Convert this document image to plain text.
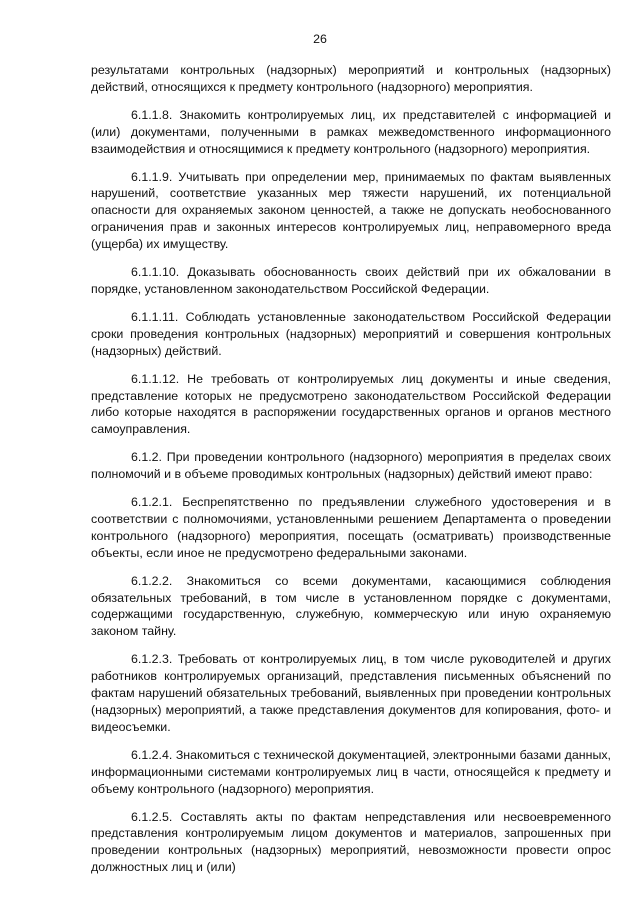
26

результатами контрольных (надзорных) мероприятий и контрольных (надзорных) действий, относящихся к предмету контрольного (надзорного) мероприятия.

6.1.1.8. Знакомить контролируемых лиц, их представителей с информацией и (или) документами, полученными в рамках межведомственного информационного взаимодействия и относящимися к предмету контрольного (надзорного) мероприятия.

6.1.1.9. Учитывать при определении мер, принимаемых по фактам выявленных нарушений, соответствие указанных мер тяжести нарушений, их потенциальной опасности для охраняемых законом ценностей, а также не допускать необоснованного ограничения прав и законных интересов контролируемых лиц, неправомерного вреда (ущерба) их имуществу.

6.1.1.10. Доказывать обоснованность своих действий при их обжаловании в порядке, установленном законодательством Российской Федерации.

6.1.1.11. Соблюдать установленные законодательством Российской Федерации сроки проведения контрольных (надзорных) мероприятий и совершения контрольных (надзорных) действий.

6.1.1.12. Не требовать от контролируемых лиц документы и иные сведения, представление которых не предусмотрено законодательством Российской Федерации либо которые находятся в распоряжении государственных органов и органов местного самоуправления.

6.1.2. При проведении контрольного (надзорного) мероприятия в пределах своих полномочий и в объеме проводимых контрольных (надзорных) действий имеют право:

6.1.2.1. Беспрепятственно по предъявлении служебного удостоверения и в соответствии с полномочиями, установленными решением Департамента о проведении контрольного (надзорного) мероприятия, посещать (осматривать) производственные объекты, если иное не предусмотрено федеральными законами.

6.1.2.2. Знакомиться со всеми документами, касающимися соблюдения обязательных требований, в том числе в установленном порядке с документами, содержащими государственную, служебную, коммерческую или иную охраняемую законом тайну.

6.1.2.3. Требовать от контролируемых лиц, в том числе руководителей и других работников контролируемых организаций, представления письменных объяснений по фактам нарушений обязательных требований, выявленных при проведении контрольных (надзорных) мероприятий, а также представления документов для копирования, фото- и видеосъемки.

6.1.2.4. Знакомиться с технической документацией, электронными базами данных, информационными системами контролируемых лиц в части, относящейся к предмету и объему контрольного (надзорного) мероприятия.

6.1.2.5. Составлять акты по фактам непредставления или несвоевременного представления контролируемым лицом документов и материалов, запрошенных при проведении контрольных (надзорных) мероприятий, невозможности провести опрос должностных лиц и (или)
